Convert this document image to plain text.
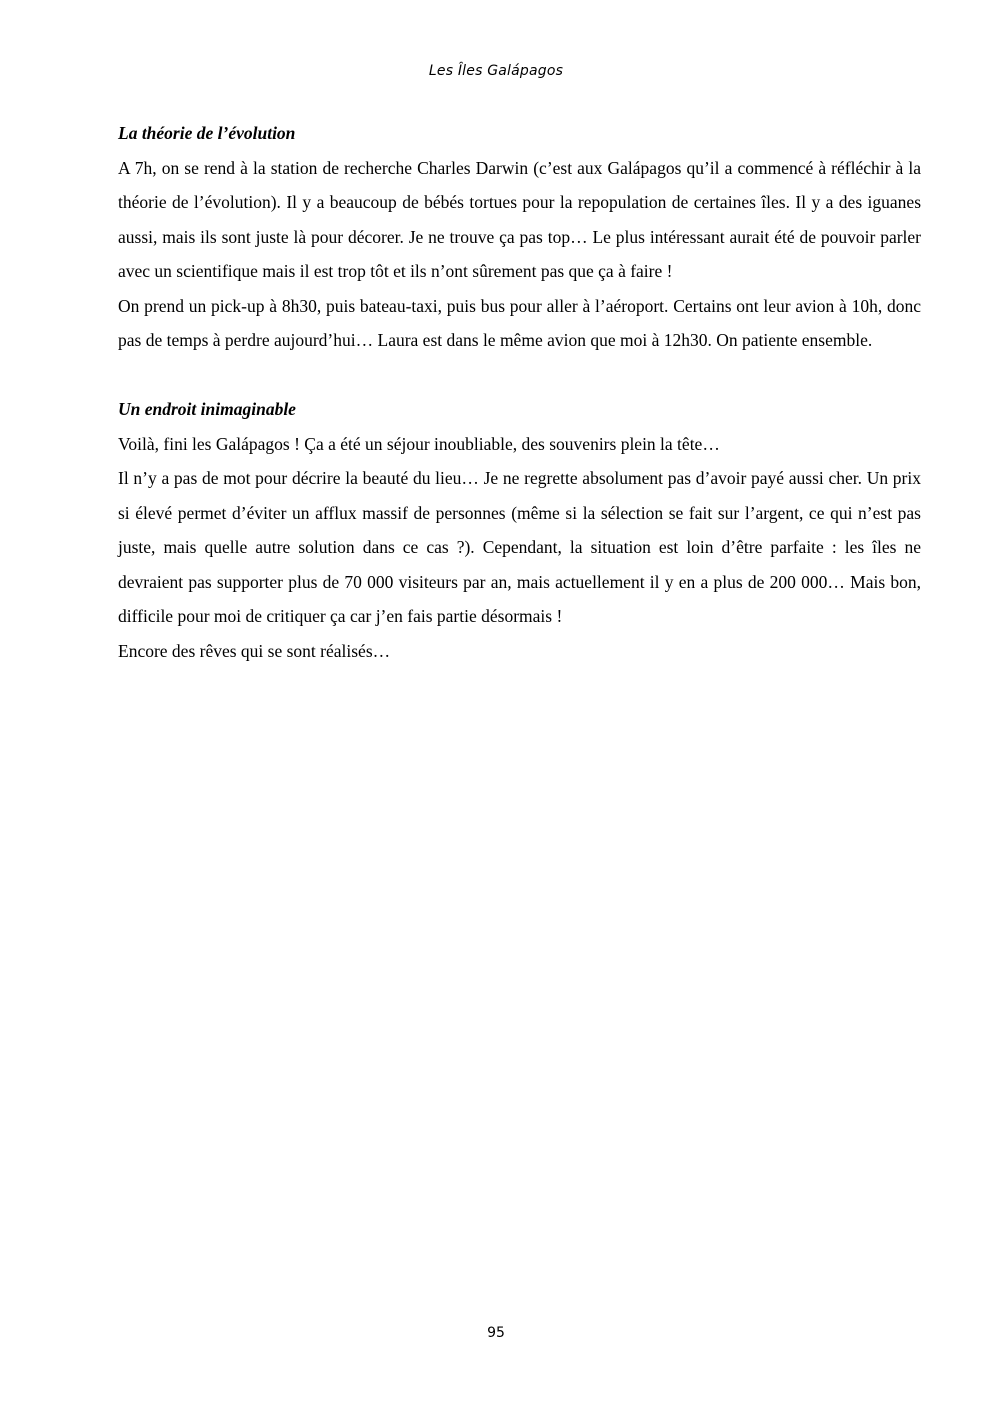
Les Îles Galápagos
La théorie de l’évolution

A 7h, on se rend à la station de recherche Charles Darwin (c’est aux Galápagos qu’il a commencé à réfléchir à la théorie de l’évolution). Il y a beaucoup de bébés tortues pour la repopulation de certaines îles. Il y a des iguanes aussi, mais ils sont juste là pour décorer. Je ne trouve ça pas top… Le plus intéressant aurait été de pouvoir parler avec un scientifique mais il est trop tôt et ils n’ont sûrement pas que ça à faire !

On prend un pick-up à 8h30, puis bateau-taxi, puis bus pour aller à l’aéroport. Certains ont leur avion à 10h, donc pas de temps à perdre aujourd’hui… Laura est dans le même avion que moi à 12h30. On patiente ensemble.

Un endroit inimaginable

Voilà, fini les Galápagos ! Ça a été un séjour inoubliable, des souvenirs plein la tête…

Il n’y a pas de mot pour décrire la beauté du lieu… Je ne regrette absolument pas d’avoir payé aussi cher. Un prix si élevé permet d’éviter un afflux massif de personnes (même si la sélection se fait sur l’argent, ce qui n’est pas juste, mais quelle autre solution dans ce cas ?). Cependant, la situation est loin d’être parfaite : les îles ne devraient pas supporter plus de 70 000 visiteurs par an, mais actuellement il y en a plus de 200 000… Mais bon, difficile pour moi de critiquer ça car j’en fais partie désormais !

Encore des rêves qui se sont réalisés…

95
